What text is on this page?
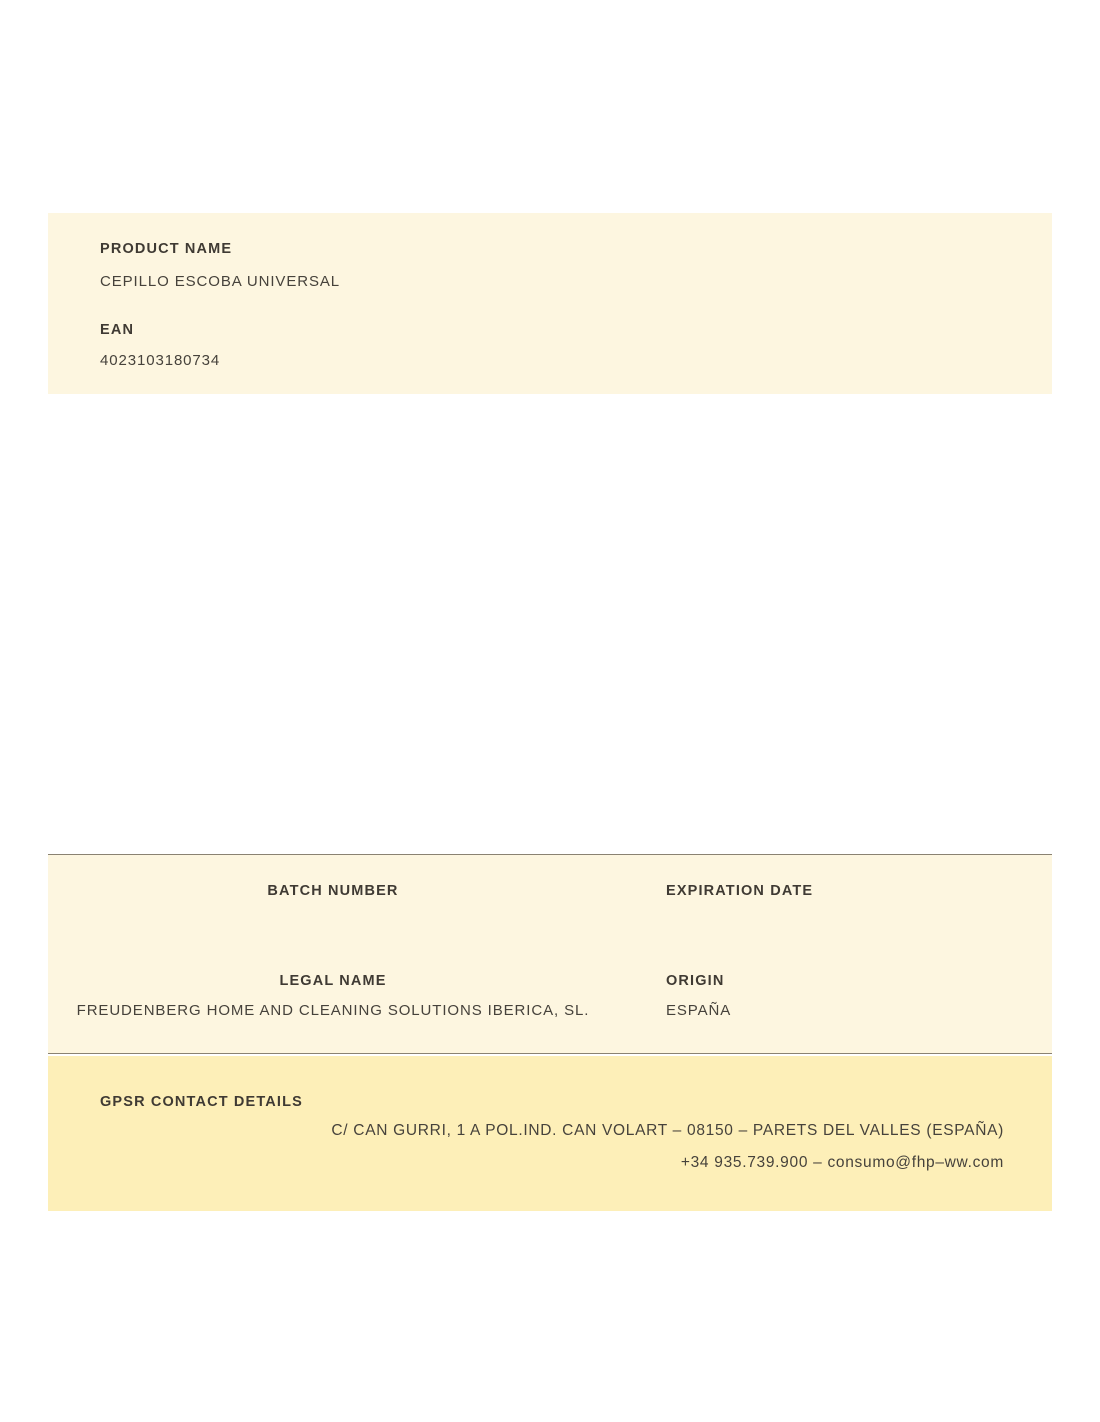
PRODUCT NAME
CEPILLO ESCOBA UNIVERSAL
EAN
4023103180734
BATCH NUMBER	EXPIRATION DATE
LEGAL NAME	ORIGIN
FREUDENBERG HOME AND CLEANING SOLUTIONS IBERICA, SL.	ESPAÑA
GPSR CONTACT DETAILS
C/ CAN GURRI, 1 A POL.IND. CAN VOLART – 08150 – PARETS DEL VALLES (ESPAÑA)
+34 935.739.900 – consumo@fhp–ww.com
